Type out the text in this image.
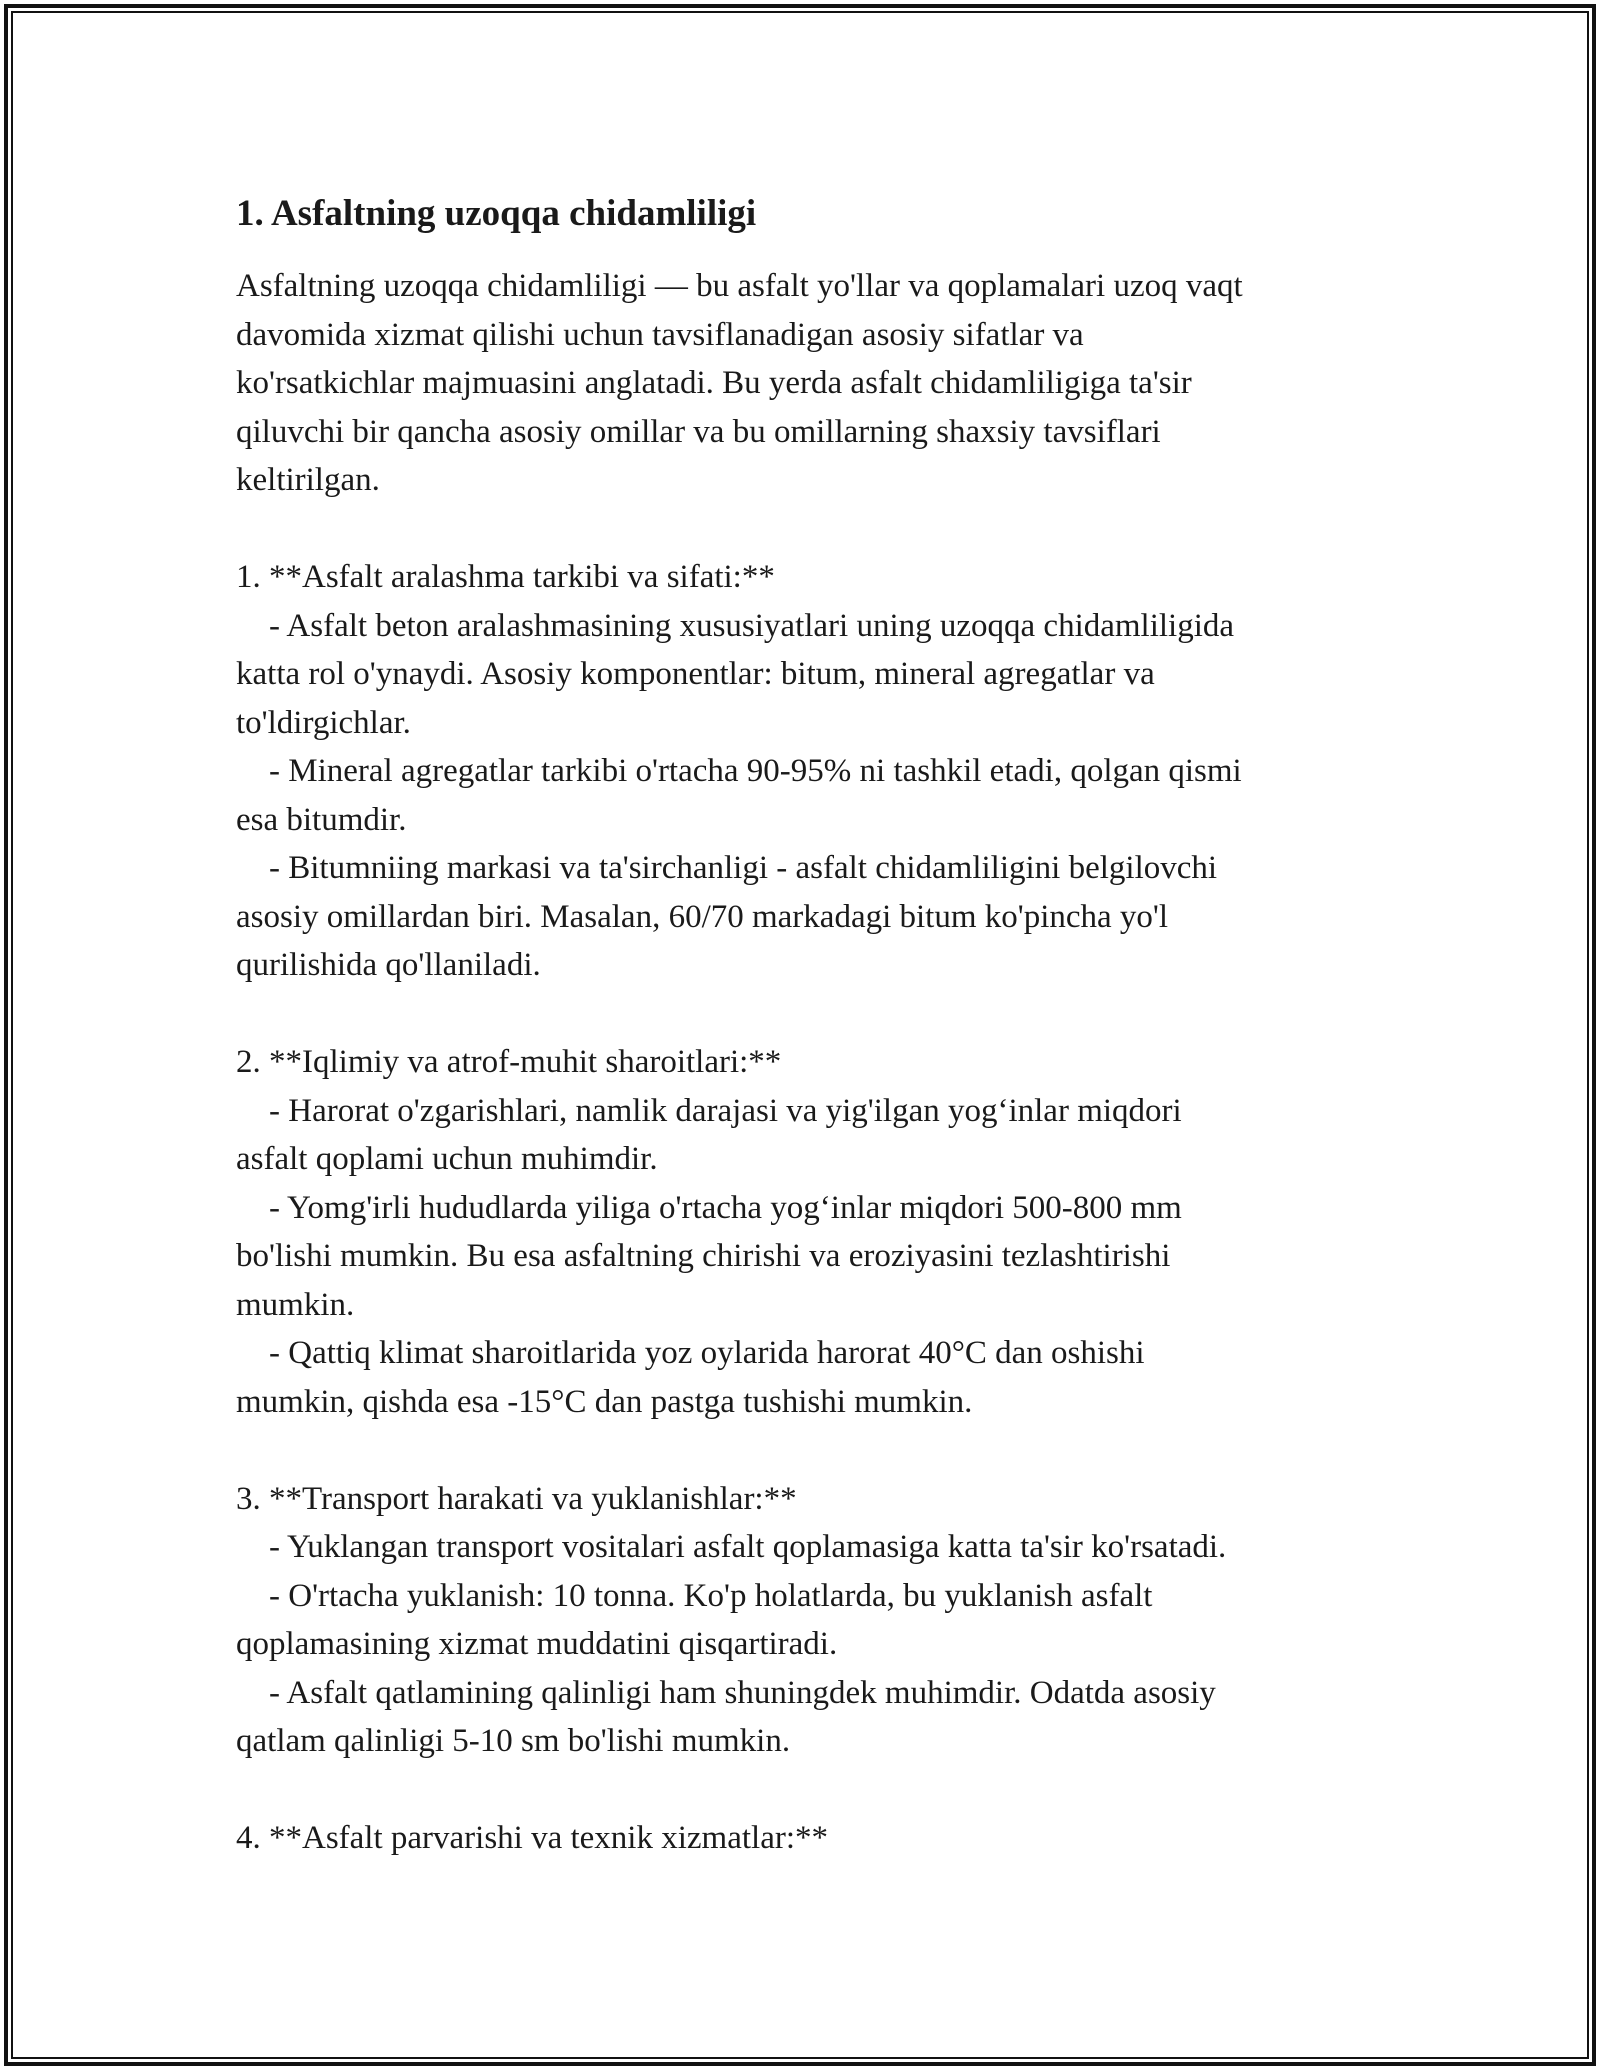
1. Asfaltning uzoqqa chidamliligi

Asfaltning uzoqqa chidamliligi — bu asfalt yo'llar va qoplamalari uzoq vaqt

davomida xizmat qilishi uchun tavsiflanadigan asosiy sifatlar va

ko'rsatkichlar majmuasini anglatadi. Bu yerda asfalt chidamliligiga ta'sir

qiluvchi bir qancha asosiy omillar va bu omillarning shaxsiy tavsiflari

keltirilgan.

1. **Asfalt aralashma tarkibi va sifati:**

- Asfalt beton aralashmasining xususiyatlari uning uzoqqa chidamliligida

katta rol o'ynaydi. Asosiy komponentlar: bitum, mineral agregatlar va

to'ldirgichlar.

- Mineral agregatlar tarkibi o'rtacha 90-95% ni tashkil etadi, qolgan qismi

esa bitumdir.

- Bitumniing markasi va ta'sirchanligi - asfalt chidamliligini belgilovchi

asosiy omillardan biri. Masalan, 60/70 markadagi bitum ko'pincha yo'l

qurilishida qo'llaniladi.

2. **Iqlimiy va atrof-muhit sharoitlari:**

- Harorat o'zgarishlari, namlik darajasi va yig'ilgan yog‘inlar miqdori

asfalt qoplami uchun muhimdir.

- Yomg'irli hududlarda yiliga o'rtacha yog‘inlar miqdori 500-800 mm

bo'lishi mumkin. Bu esa asfaltning chirishi va eroziyasini tezlashtirishi

mumkin.

- Qattiq klimat sharoitlarida yoz oylarida harorat 40°C dan oshishi

mumkin, qishda esa -15°C dan pastga tushishi mumkin.

3. **Transport harakati va yuklanishlar:**

- Yuklangan transport vositalari asfalt qoplamasiga katta ta'sir ko'rsatadi.

- O'rtacha yuklanish: 10 tonna. Ko'p holatlarda, bu yuklanish asfalt

qoplamasining xizmat muddatini qisqartiradi.

- Asfalt qatlamining qalinligi ham shuningdek muhimdir. Odatda asosiy

qatlam qalinligi 5-10 sm bo'lishi mumkin.

4. **Asfalt parvarishi va texnik xizmatlar:**
